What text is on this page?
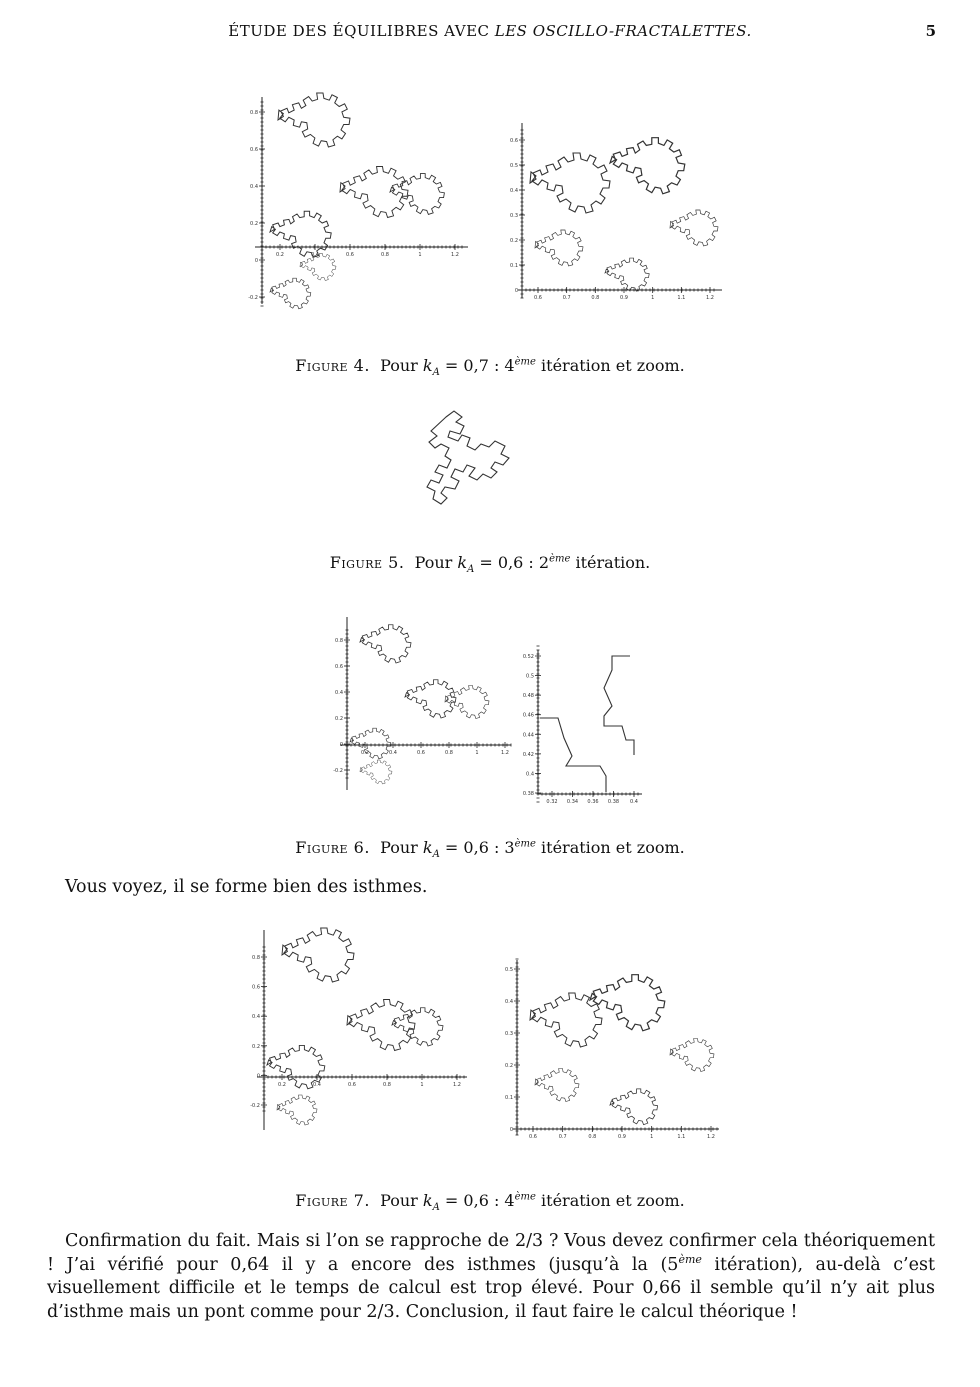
ÉTUDE DES ÉQUILIBRES AVEC LES OSCILLO-FRACTALETTES.	5
0.8
0.6
0.4
0.2
0
-0.2
0.2	0.4	0.6	0.8	1	1.2
0.6
0.5
0.4
0.3
0.2
0.1
0
0.6	0.7	0.8	0.9	1	1.1	1.2
Figure 4. Pour $k_A = 0,7$ : 4ème itération et zoom.
Figure 5. Pour $k_A = 0,6$ : 2ème itération.
0.8
0.6
0.4
0.2
0
-0.2
0.2	0.4	0.6	0.8	1	1.2
0.52
0.5
0.48
0.46
0.44
0.42
0.4
0.38
0.32 0.34 0.36 0.38 0.4
Figure 6. Pour $k_A = 0,6$ : 3ème itération et zoom.
Vous voyez, il se forme bien des isthmes.
0.8
0.6
0.4
0.2
0
-0.2
0.2	0.4	0.6	0.8	1	1.2
0.5
0.4
0.3
0.2
0.1
0
0.6	0.7	0.8	0.9	1	1.1	1.2
Figure 7. Pour $k_A = 0,6$ : 4ème itération et zoom.
Confirmation du fait. Mais si l’on se rapproche de 2/3 ? Vous devez confirmer cela théoriquement ! J’ai vérifié pour 0,64 il y a encore des isthmes (jusqu’à la (5ème itération), au-delà c’est visuellement difficile et le temps de calcul est trop élevé. Pour 0,66 il semble qu’il n’y ait plus d’isthme mais un pont comme pour 2/3. Conclusion, il faut faire le calcul théorique !
